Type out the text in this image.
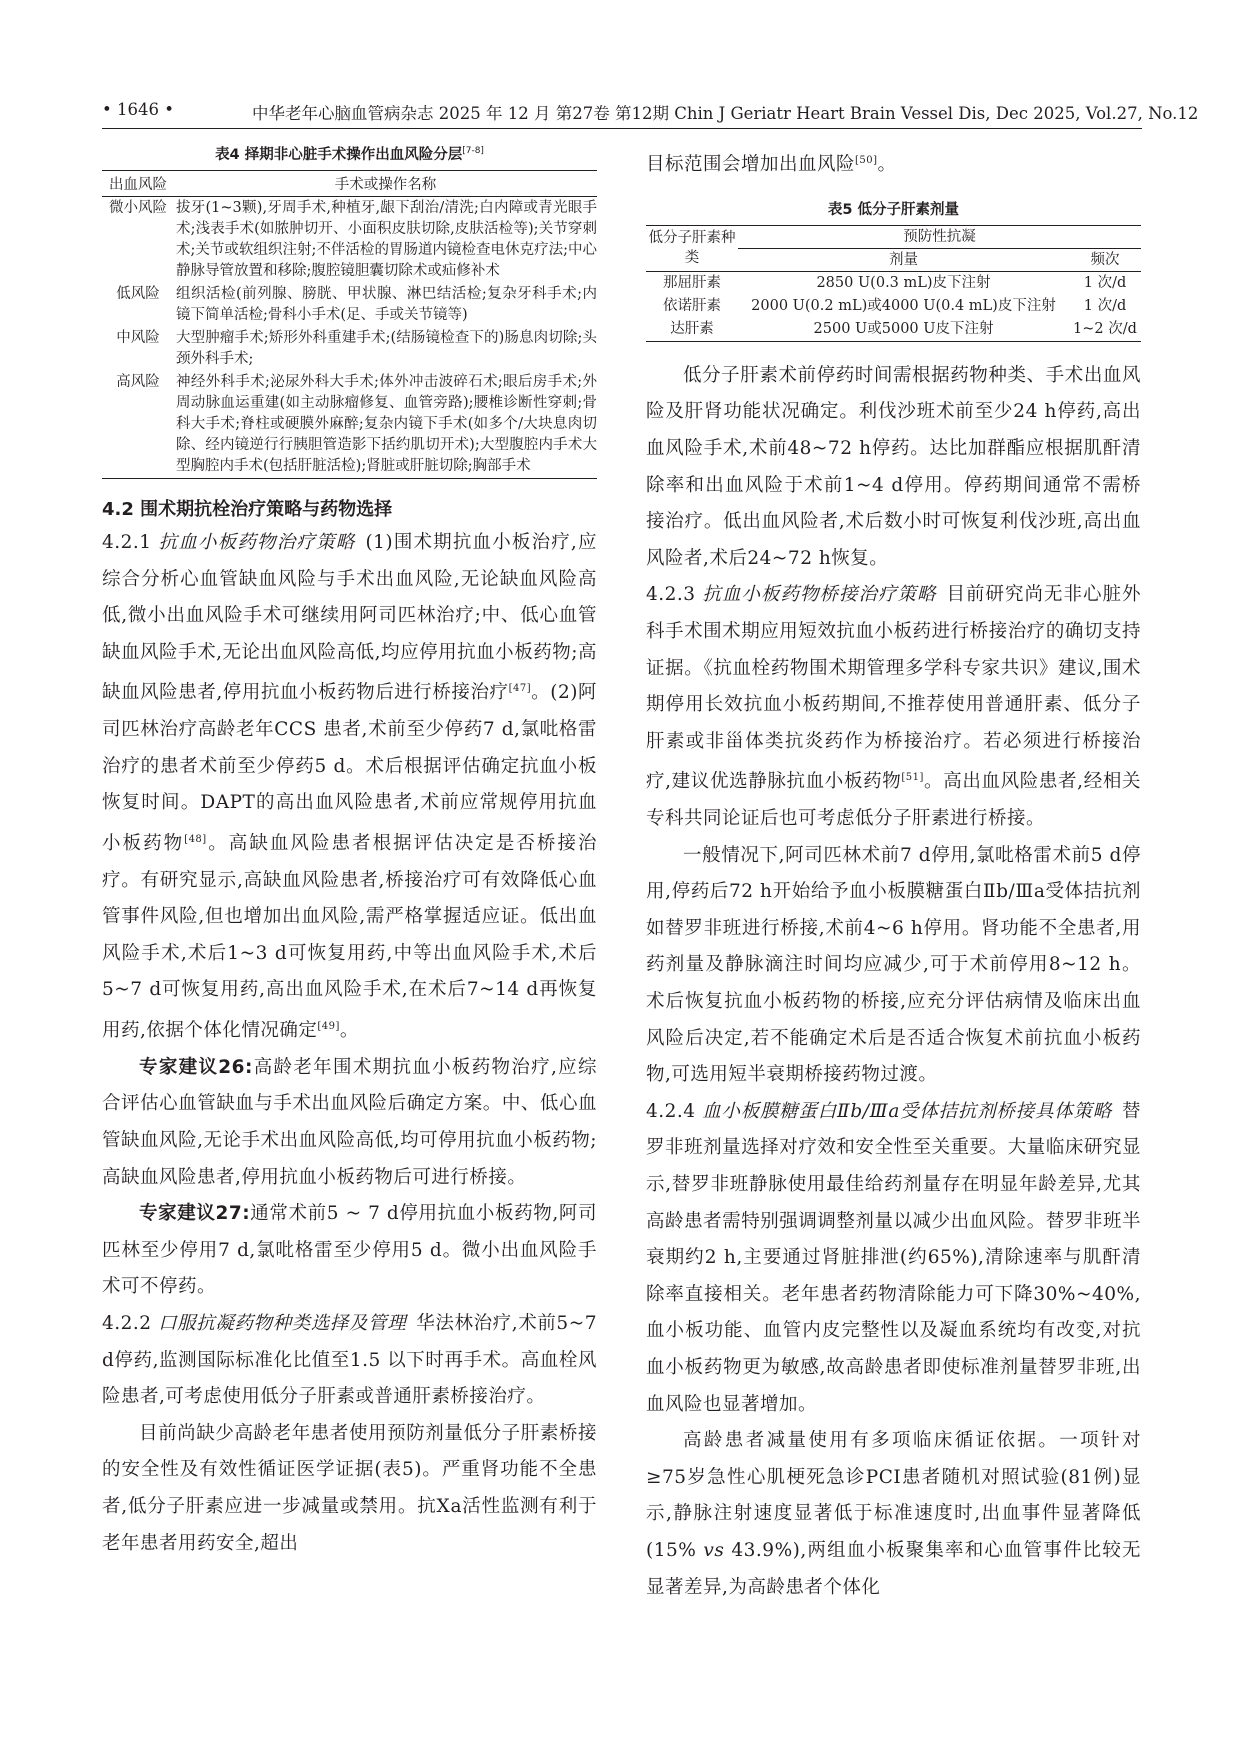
• 1646 •	中华老年心脑血管病杂志 2025 年 12 月 第27卷 第12期 Chin J Geriatr Heart Brain Vessel Dis, Dec 2025, Vol.27, No.12
表4 择期非心脏手术操作出血风险分层[7-8]
出血风险	手术或操作名称
微小风险	拔牙(1~3颗),牙周手术,种植牙,龈下刮治/清洗;白内障或青光眼手术;浅表手术(如脓肿切开、小面积皮肤切除,皮肤活检等);关节穿刺术;关节或软组织注射;不伴活检的胃肠道内镜检查电休克疗法;中心静脉导管放置和移除;腹腔镜胆囊切除术或疝修补术
低风险	组织活检(前列腺、膀胱、甲状腺、淋巴结活检;复杂牙科手术;内镜下简单活检;骨科小手术(足、手或关节镜等)
中风险	大型肿瘤手术;矫形外科重建手术;(结肠镜检查下的)肠息肉切除;头颈外科手术;
高风险	神经外科手术;泌尿外科大手术;体外冲击波碎石术;眼后房手术;外周动脉血运重建(如主动脉瘤修复、血管旁路);腰椎诊断性穿刺;骨科大手术;脊柱或硬膜外麻醉;复杂内镜下手术(如多个/大块息肉切除、经内镜逆行行胰胆管造影下括约肌切开术);大型腹腔内手术大型胸腔内手术(包括肝脏活检);肾脏或肝脏切除;胸部手术
4.2 围术期抗栓治疗策略与药物选择

4.2.1 抗血小板药物治疗策略 (1)围术期抗血小板治疗,应综合分析心血管缺血风险与手术出血风险,无论缺血风险高低,微小出血风险手术可继续用阿司匹林治疗;中、低心血管缺血风险手术,无论出血风险高低,均应停用抗血小板药物;高缺血风险患者,停用抗血小板药物后进行桥接治疗[47]。(2)阿司匹林治疗高龄老年CCS 患者,术前至少停药7 d,氯吡格雷治疗的患者术前至少停药5 d。术后根据评估确定抗血小板恢复时间。DAPT的高出血风险患者,术前应常规停用抗血小板药物[48]。高缺血风险患者根据评估决定是否桥接治疗。有研究显示,高缺血风险患者,桥接治疗可有效降低心血管事件风险,但也增加出血风险,需严格掌握适应证。低出血风险手术,术后1~3 d可恢复用药,中等出血风险手术,术后5~7 d可恢复用药,高出血风险手术,在术后7~14 d再恢复用药,依据个体化情况确定[49]。

专家建议26:高龄老年围术期抗血小板药物治疗,应综合评估心血管缺血与手术出血风险后确定方案。中、低心血管缺血风险,无论手术出血风险高低,均可停用抗血小板药物;高缺血风险患者,停用抗血小板药物后可进行桥接。

专家建议27:通常术前5 ~ 7 d停用抗血小板药物,阿司匹林至少停用7 d,氯吡格雷至少停用5 d。微小出血风险手术可不停药。

4.2.2 口服抗凝药物种类选择及管理 华法林治疗,术前5~7 d停药,监测国际标准化比值至1.5 以下时再手术。高血栓风险患者,可考虑使用低分子肝素或普通肝素桥接治疗。

目前尚缺少高龄老年患者使用预防剂量低分子肝素桥接的安全性及有效性循证医学证据(表5)。严重肾功能不全患者,低分子肝素应进一步减量或禁用。抗Ⅹa活性监测有利于老年患者用药安全,超出

目标范围会增加出血风险[50]。

表5 低分子肝素剂量
低分子肝素种类	预防性抗凝	
	剂量	频次
那屈肝素	2850 U(0.3 mL)皮下注射	1 次/d
依诺肝素	2000 U(0.2 mL)或4000 U(0.4 mL)皮下注射	1 次/d
达肝素	2500 U或5000 U皮下注射	1~2 次/d

低分子肝素术前停药时间需根据药物种类、手术出血风险及肝肾功能状况确定。利伐沙班术前至少24 h停药,高出血风险手术,术前48~72 h停药。达比加群酯应根据肌酐清除率和出血风险于术前1~4 d停用。停药期间通常不需桥接治疗。低出血风险者,术后数小时可恢复利伐沙班,高出血风险者,术后24~72 h恢复。

4.2.3 抗血小板药物桥接治疗策略 目前研究尚无非心脏外科手术围术期应用短效抗血小板药进行桥接治疗的确切支持证据。《抗血栓药物围术期管理多学科专家共识》建议,围术期停用长效抗血小板药期间,不推荐使用普通肝素、低分子肝素或非甾体类抗炎药作为桥接治疗。若必须进行桥接治疗,建议优选静脉抗血小板药物[51]。高出血风险患者,经相关专科共同论证后也可考虑低分子肝素进行桥接。

一般情况下,阿司匹林术前7 d停用,氯吡格雷术前5 d停用,停药后72 h开始给予血小板膜糖蛋白Ⅱb/Ⅲa受体拮抗剂如替罗非班进行桥接,术前4~6 h停用。肾功能不全患者,用药剂量及静脉滴注时间均应减少,可于术前停用8~12 h。术后恢复抗血小板药物的桥接,应充分评估病情及临床出血风险后决定,若不能确定术后是否适合恢复术前抗血小板药物,可选用短半衰期桥接药物过渡。

4.2.4 血小板膜糖蛋白Ⅱb/Ⅲa受体拮抗剂桥接具体策略 替罗非班剂量选择对疗效和安全性至关重要。大量临床研究显示,替罗非班静脉使用最佳给药剂量存在明显年龄差异,尤其高龄患者需特别强调调整剂量以减少出血风险。替罗非班半衰期约2 h,主要通过肾脏排泄(约65%),清除速率与肌酐清除率直接相关。老年患者药物清除能力可下降30%~40%,血小板功能、血管内皮完整性以及凝血系统均有改变,对抗血小板药物更为敏感,故高龄患者即使标准剂量替罗非班,出血风险也显著增加。

高龄患者减量使用有多项临床循证依据。一项针对≥75岁急性心肌梗死急诊PCI患者随机对照试验(81例)显示,静脉注射速度显著低于标准速度时,出血事件显著降低(15% vs 43.9%),两组血小板聚集率和心血管事件比较无显著差异,为高龄患者个体化
